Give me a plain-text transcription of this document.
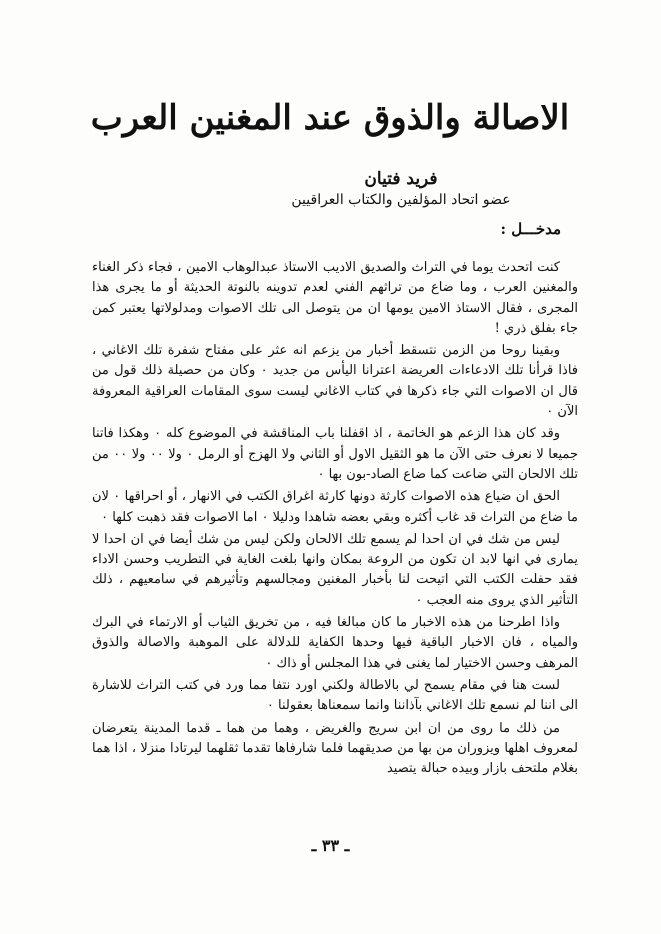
الاصالة والذوق عند المغنين العرب
فريد فتيان
عضو اتحاد المؤلفين والكتاب العراقيين
مدخـــل :

كنت اتحدث يوما في التراث والصديق الاديب الاستاذ عبدالوهاب الامين ، فجاء ذكر الغناء والمغنين العرب ، وما ضاع من تراثهم الفني لعدم تدوينه بالنوتة الحديثة أو ما يجرى هذا المجرى ، فقال الاستاذ الامين يومها ان من يتوصل الى تلك الاصوات ومدلولاتها يعتبر كمن جاء بفلق ذري !

وبقينا روحا من الزمن نتسقط أخبار من يزعم انه عثر على مفتاح شفرة تلك الاغاني ، فاذا قرأنا تلك الادعاءات العريضة اعترانا اليأس من جديد ٠ وكان من حصيلة ذلك قول من قال ان الاصوات التي جاء ذكرها في كتاب الاغاني ليست سوى المقامات العراقية المعروفة الآن ٠

وقد كان هذا الزعم هو الخاتمة ، اذ اقفلنا باب المناقشة في الموضوع كله ٠ وهكذا فاتنا جميعا لا نعرف حتى الآن ما هو الثقيل الاول أو الثاني ولا الهزج أو الرمل ٠ ولا ٠٠ ولا ٠٠ من تلك الالحان التي ضاعت كما ضاع الصاد-بون بها ٠

الحق ان ضياع هذه الاصوات كارثة دونها كارثة اغراق الكتب في الانهار ، أو احراقها ٠ لان ما ضاع من التراث قد غاب أكثره وبقي بعضه شاهدا ودليلا ٠ اما الاصوات فقد ذهبت كلها ٠

ليس من شك في ان احدا لم يسمع تلك الالحان ولكن ليس من شك أيضا في ان احدا لا يمارى في انها لابد ان تكون من الروعة بمكان وانها بلغت الغاية في التطريب وحسن الاداء فقد حفلت الكتب التي اتيحت لنا بأخبار المغنين ومجالسهم وتأثيرهم في سامعيهم ، ذلك التأثير الذي يروى منه العجب ٠

واذا اطرحنا من هذه الاخبار ما كان مبالغا فيه ، من تخريق الثياب أو الارتماء في البرك والمياه ، فان الاخبار الباقية فيها وحدها الكفاية للدلالة على الموهبة والاصالة والذوق المرهف وحسن الاختيار لما يغنى في هذا المجلس أو ذاك ٠

لست هنا في مقام يسمح لي بالاطالة ولكني اورد نتفا مما ورد في كتب التراث للاشارة الى اننا لم نسمع تلك الاغاني بآذاننا وانما سمعناها بعقولنا ٠

من ذلك ما روى من ان ابن سريج والغريض ، وهما من هما ـ قدما المدينة يتعرضان لمعروف اهلها ويزوران من بها من صديقهما فلما شارفاها تقدما ثقلهما ليرتادا منزلا ، اذا هما بغلام ملتحف بازار وبيده حبالة يتصيد

ـ ٣٣ ـ
